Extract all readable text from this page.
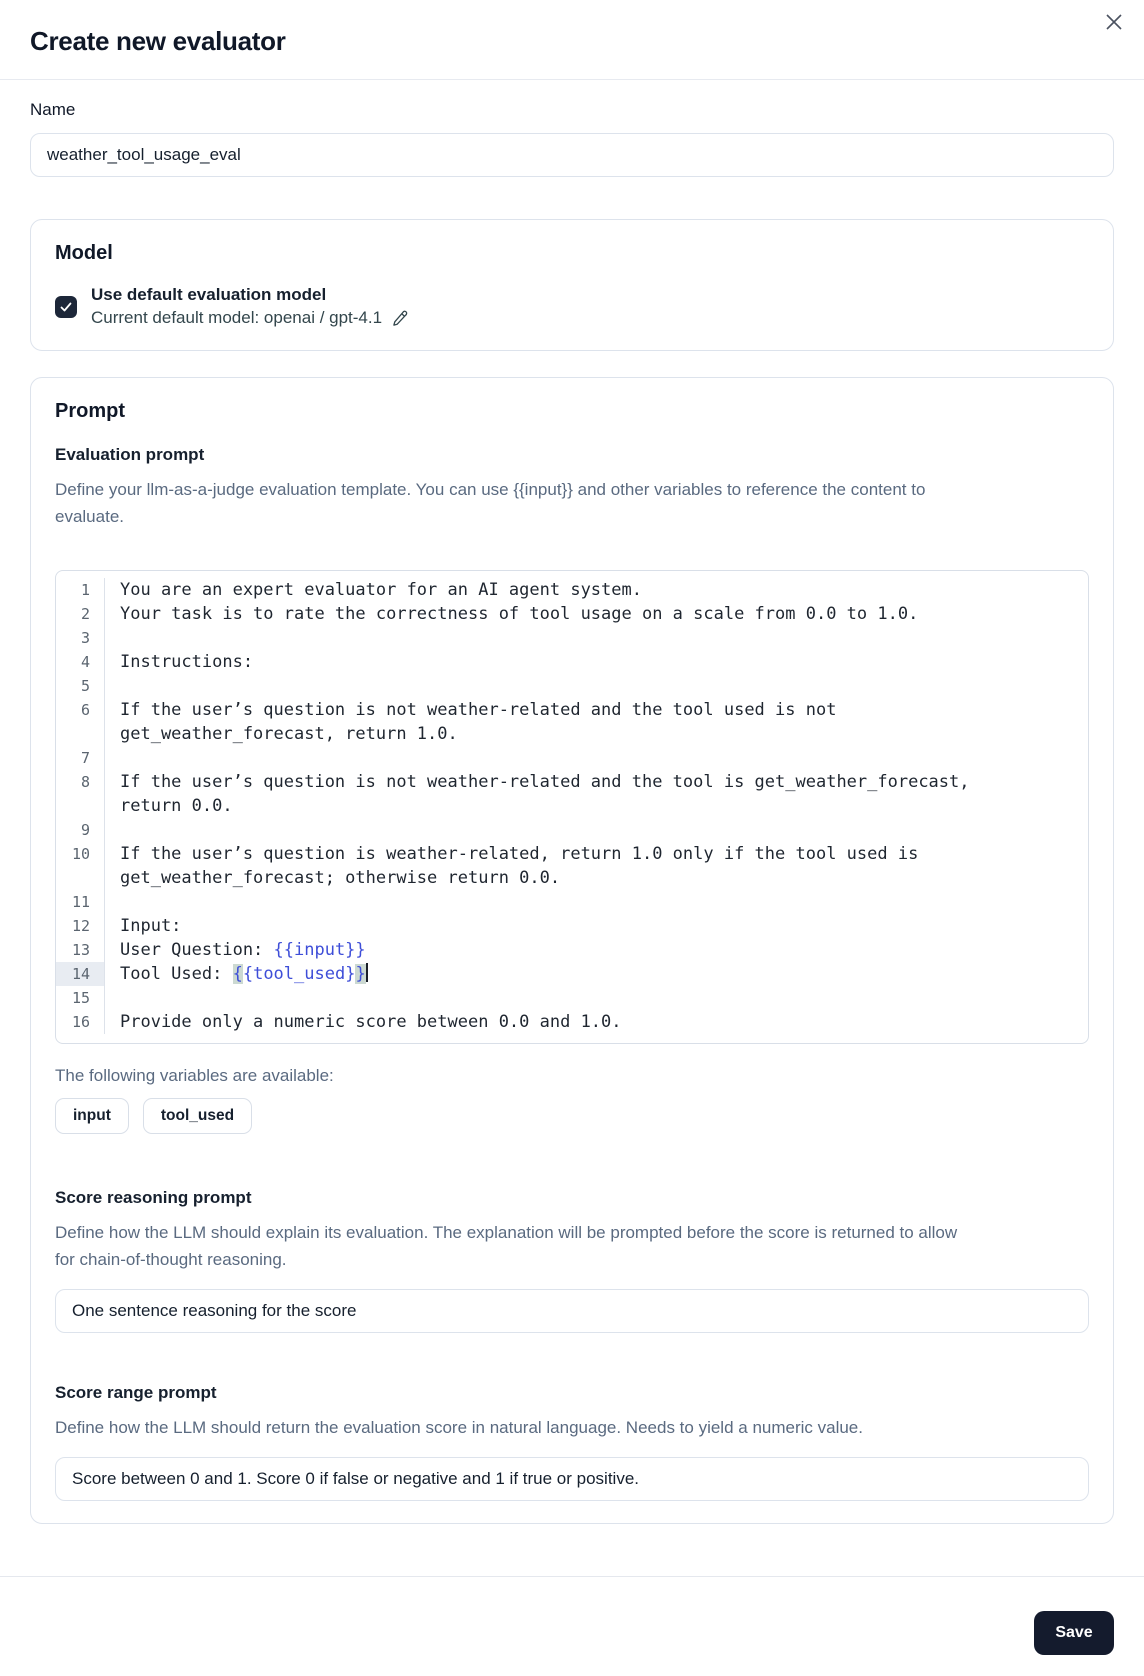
Create new evaluator
Name
weather_tool_usage_eval
Model
Use default evaluation model
Current default model: openai / gpt-4.1
Prompt
Evaluation prompt

Define your llm-as-a-judge evaluation template. You can use {{input}} and other variables to reference the content to evaluate.

1	You are an expert evaluator for an AI agent system.
2	Your task is to rate the correctness of tool usage on a scale from 0.0 to 1.0.
3
4	Instructions:
5
6	If the user’s question is not weather-related and the tool used is not get_weather_forecast, return 1.0.
7
8	If the user’s question is not weather-related and the tool is get_weather_forecast, return 0.0.
9
10	If the user’s question is weather-related, return 1.0 only if the tool used is get_weather_forecast; otherwise return 0.0.
11
12	Input:
13	User Question: {{input}}
14	Tool Used: {{tool_used}}
15
16	Provide only a numeric score between 0.0 and 1.0.
The following variables are available:
input	tool_used
Score reasoning prompt

Define how the LLM should explain its evaluation. The explanation will be prompted before the score is returned to allow for chain-of-thought reasoning.

One sentence reasoning for the score
Score range prompt

Define how the LLM should return the evaluation score in natural language. Needs to yield a numeric value.

Score between 0 and 1. Score 0 if false or negative and 1 if true or positive.
Save
